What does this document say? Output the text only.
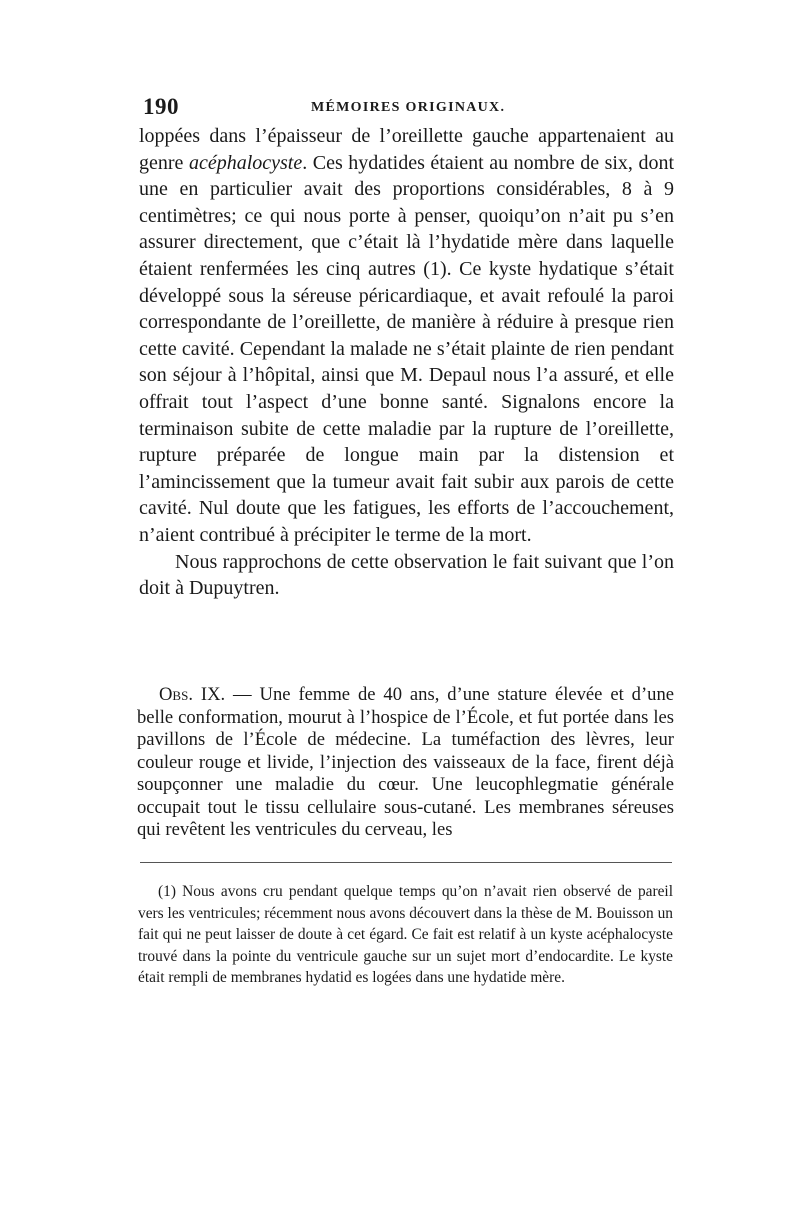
190	MÉMOIRES ORIGINAUX.

loppées dans l’épaisseur de l’oreillette gauche appartenaient au genre acéphalocyste. Ces hydatides étaient au nombre de six, dont une en particulier avait des proportions considérables, 8 à 9 centimètres; ce qui nous porte à penser, quoiqu’on n’ait pu s’en assurer directement, que c’était là l’hydatide mère dans laquelle étaient renfermées les cinq autres (1). Ce kyste hydatique s’était développé sous la séreuse péricardiaque, et avait refoulé la paroi correspondante de l’oreillette, de manière à réduire à presque rien cette cavité. Cependant la malade ne s’était plainte de rien pendant son séjour à l’hôpital, ainsi que M. Depaul nous l’a assuré, et elle offrait tout l’aspect d’une bonne santé. Signalons encore la terminaison subite de cette maladie par la rupture de l’oreillette, rupture préparée de longue main par la distension et l’amincissement que la tumeur avait fait subir aux parois de cette cavité. Nul doute que les fatigues, les efforts de l’accouchement, n’aient contribué à précipiter le terme de la mort.

Nous rapprochons de cette observation le fait suivant que l’on doit à Dupuytren.

Obs. IX. — Une femme de 40 ans, d’une stature élevée et d’une belle conformation, mourut à l’hospice de l’École, et fut portée dans les pavillons de l’École de médecine. La tuméfaction des lèvres, leur couleur rouge et livide, l’injection des vaisseaux de la face, firent déjà soupçonner une maladie du cœur. Une leucophlegmatie générale occupait tout le tissu cellulaire sous-cutané. Les membranes séreuses qui revêtent les ventricules du cerveau, les

(1) Nous avons cru pendant quelque temps qu’on n’avait rien observé de pareil vers les ventricules; récemment nous avons découvert dans la thèse de M. Bouisson un fait qui ne peut laisser de doute à cet égard. Ce fait est relatif à un kyste acéphalocyste trouvé dans la pointe du ventricule gauche sur un sujet mort d’endocardite. Le kyste était rempli de membranes hydatid es logées dans une hydatide mère.
